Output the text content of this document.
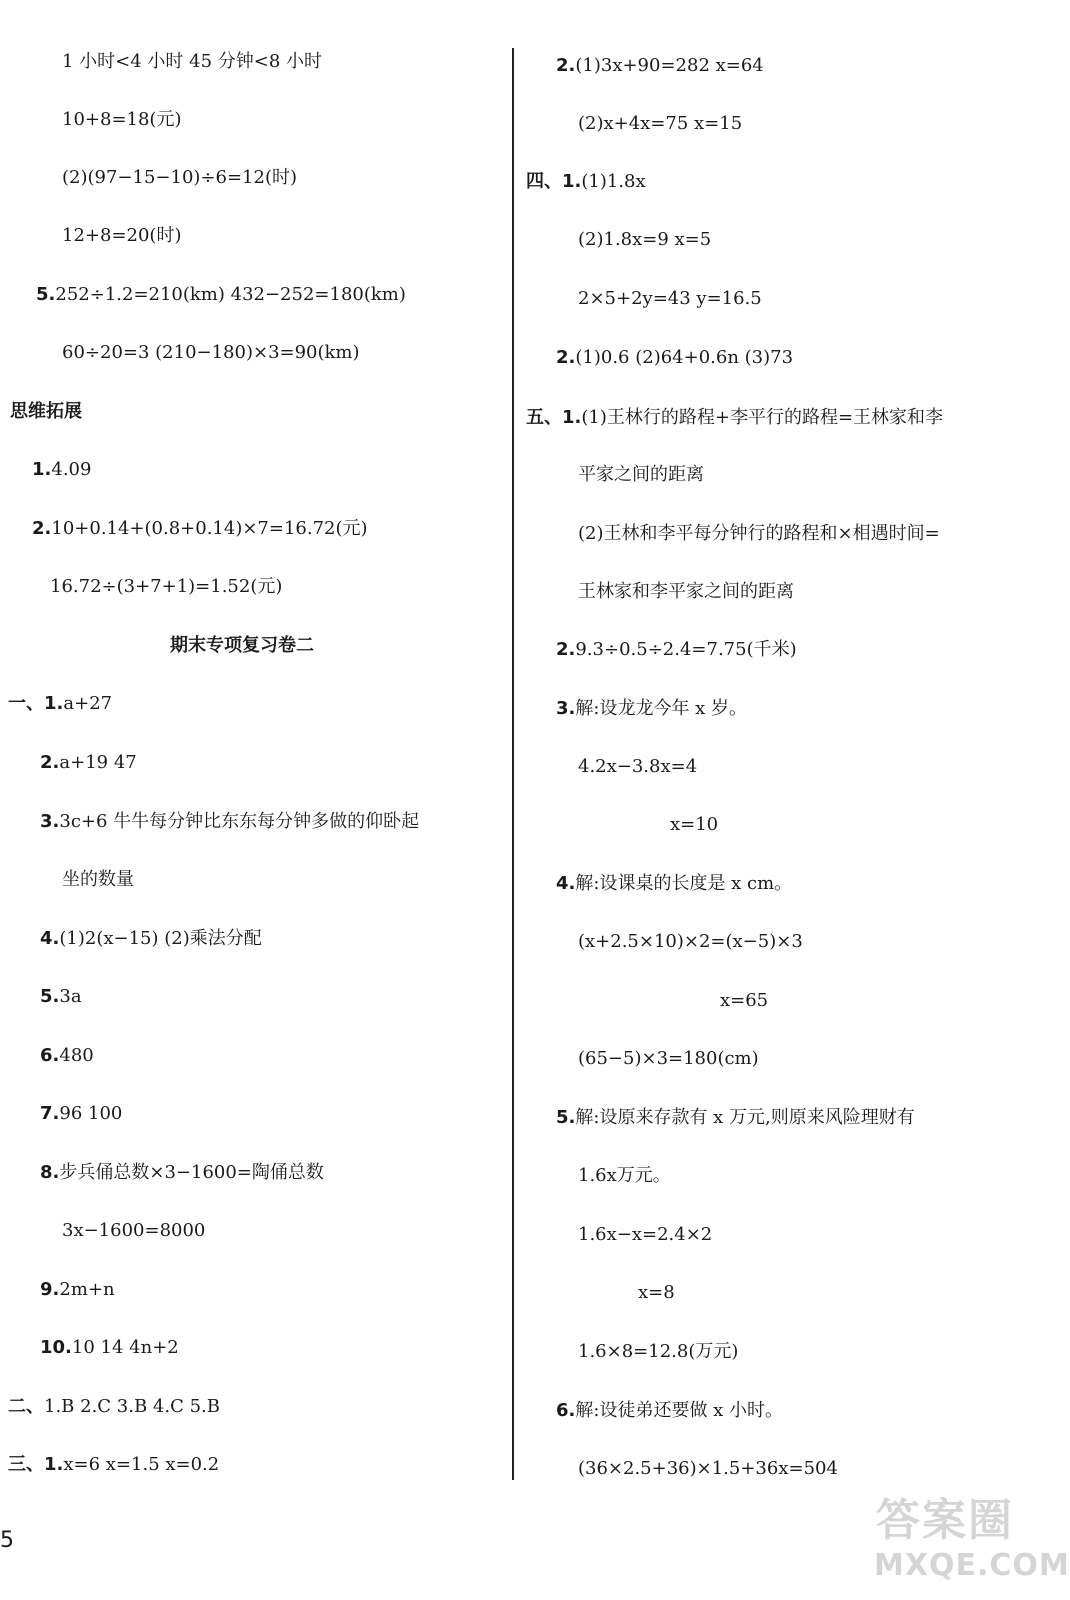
1 小时<4 小时 45 分钟<8 小时
10+8=18(元)
(2)(97−15−10)÷6=12(时)
12+8=20(时)
5.252÷1.2=210(km) 432−252=180(km)
60÷20=3 (210−180)×3=90(km)
思维拓展
1.4.09
2.10+0.14+(0.8+0.14)×7=16.72(元)
16.72÷(3+7+1)=1.52(元)
期末专项复习卷二
一、1.a+27
2.a+19 47
3.3c+6 牛牛每分钟比东东每分钟多做的仰卧起
坐的数量
4.(1)2(x−15) (2)乘法分配
5.3a
6.480
7.96 100
8.步兵俑总数×3−1600=陶俑总数
3x−1600=8000
9.2m+n
10.10 14 4n+2
二、1.B 2.C 3.B 4.C 5.B
三、1.x=6 x=1.5 x=0.2
2.(1)3x+90=282 x=64
(2)x+4x=75 x=15
四、1.(1)1.8x
(2)1.8x=9 x=5
2×5+2y=43 y=16.5
2.(1)0.6 (2)64+0.6n (3)73
五、1.(1)王林行的路程+李平行的路程=王林家和李
平家之间的距离
(2)王林和李平每分钟行的路程和×相遇时间=
王林家和李平家之间的距离
2.9.3÷0.5÷2.4=7.75(千米)
3.解:设龙龙今年 x 岁。
4.2x−3.8x=4
x=10
4.解:设课桌的长度是 x cm。
(x+2.5×10)×2=(x−5)×3
x=65
(65−5)×3=180(cm)
5.解:设原来存款有 x 万元,则原来风险理财有
1.6x万元。
1.6x−x=2.4×2
x=8
1.6×8=12.8(万元)
6.解:设徒弟还要做 x 小时。
(36×2.5+36)×1.5+36x=504
5	答案圈
MXQE.COM
